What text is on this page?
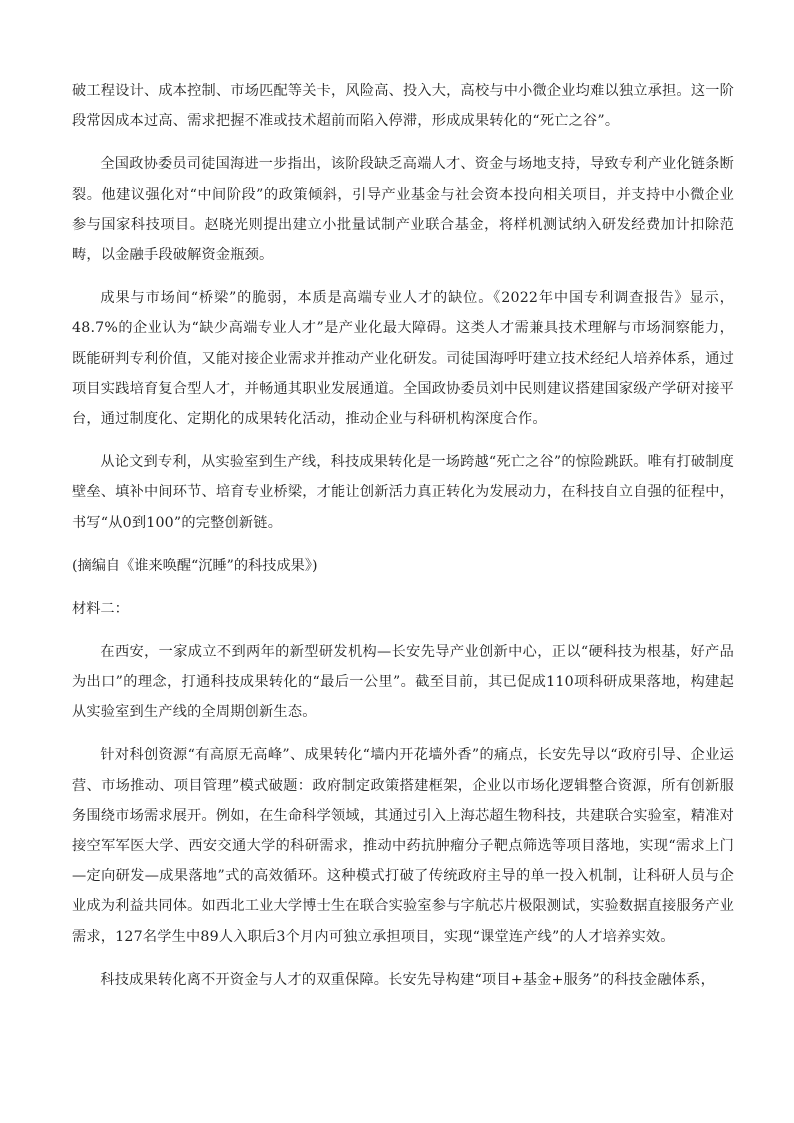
破工程设计、成本控制、市场匹配等关卡，风险高、投入大，高校与中小微企业均难以独立承担。这一阶段常因成本过高、需求把握不准或技术超前而陷入停滞，形成成果转化的“死亡之谷”。

全国政协委员司徒国海进一步指出，该阶段缺乏高端人才、资金与场地支持，导致专利产业化链条断裂。他建议强化对“中间阶段”的政策倾斜，引导产业基金与社会资本投向相关项目，并支持中小微企业参与国家科技项目。赵晓光则提出建立小批量试制产业联合基金，将样机测试纳入研发经费加计扣除范畴，以金融手段破解资金瓶颈。

成果与市场间“桥梁”的脆弱，本质是高端专业人才的缺位。《2022年中国专利调查报告》显示，48.7%的企业认为“缺少高端专业人才”是产业化最大障碍。这类人才需兼具技术理解与市场洞察能力，既能研判专利价值，又能对接企业需求并推动产业化研发。司徒国海呼吁建立技术经纪人培养体系，通过项目实践培育复合型人才，并畅通其职业发展通道。全国政协委员刘中民则建议搭建国家级产学研对接平台，通过制度化、定期化的成果转化活动，推动企业与科研机构深度合作。

从论文到专利，从实验室到生产线，科技成果转化是一场跨越“死亡之谷”的惊险跳跃。唯有打破制度壁垒、填补中间环节、培育专业桥梁，才能让创新活力真正转化为发展动力，在科技自立自强的征程中，书写“从0到100”的完整创新链。

(摘编自《谁来唤醒“沉睡”的科技成果》)

材料二：

在西安，一家成立不到两年的新型研发机构—长安先导产业创新中心，正以“硬科技为根基，好产品为出口”的理念，打通科技成果转化的“最后一公里”。截至目前，其已促成110项科研成果落地，构建起从实验室到生产线的全周期创新生态。

针对科创资源“有高原无高峰”、成果转化“墙内开花墙外香”的痛点，长安先导以“政府引导、企业运营、市场推动、项目管理”模式破题：政府制定政策搭建框架，企业以市场化逻辑整合资源，所有创新服务围绕市场需求展开。例如，在生命科学领域，其通过引入上海芯超生物科技，共建联合实验室，精准对接空军军医大学、西安交通大学的科研需求，推动中药抗肿瘤分子靶点筛选等项目落地，实现“需求上门—定向研发—成果落地”式的高效循环。这种模式打破了传统政府主导的单一投入机制，让科研人员与企业成为利益共同体。如西北工业大学博士生在联合实验室参与字航芯片极限测试，实验数据直接服务产业需求，127名学生中89人入职后3个月内可独立承担项目，实现“课堂连产线”的人才培养实效。

科技成果转化离不开资金与人才的双重保障。长安先导构建“项目+基金+服务”的科技金融体系，
